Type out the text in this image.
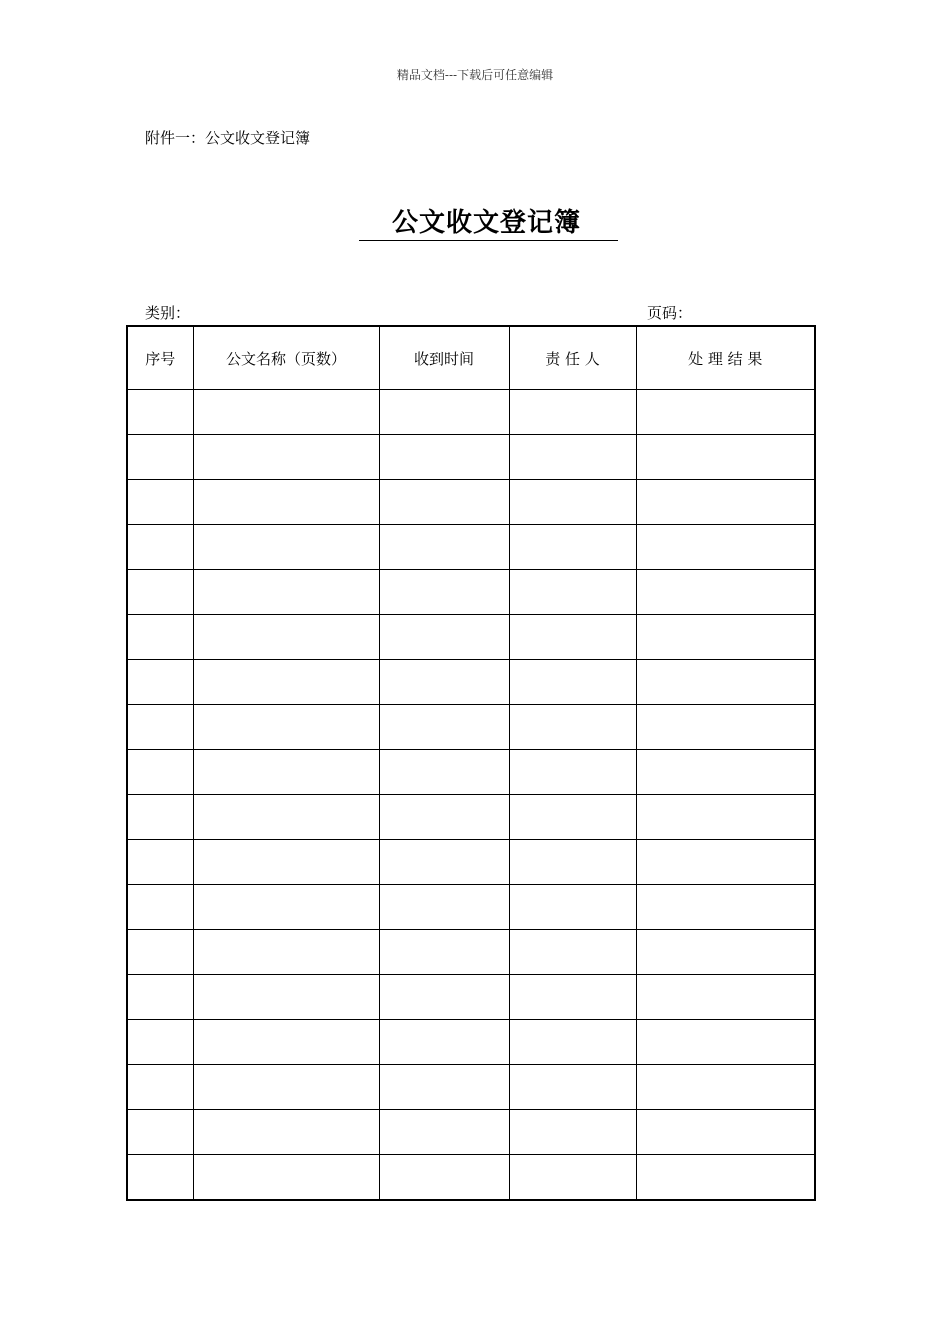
精品文档---下载后可任意编辑
附件一：公文收文登记簿
公文收文登记簿
类别：	页码：
序号	公文名称（页数）	收到时间	责 任 人	处 理 结 果
